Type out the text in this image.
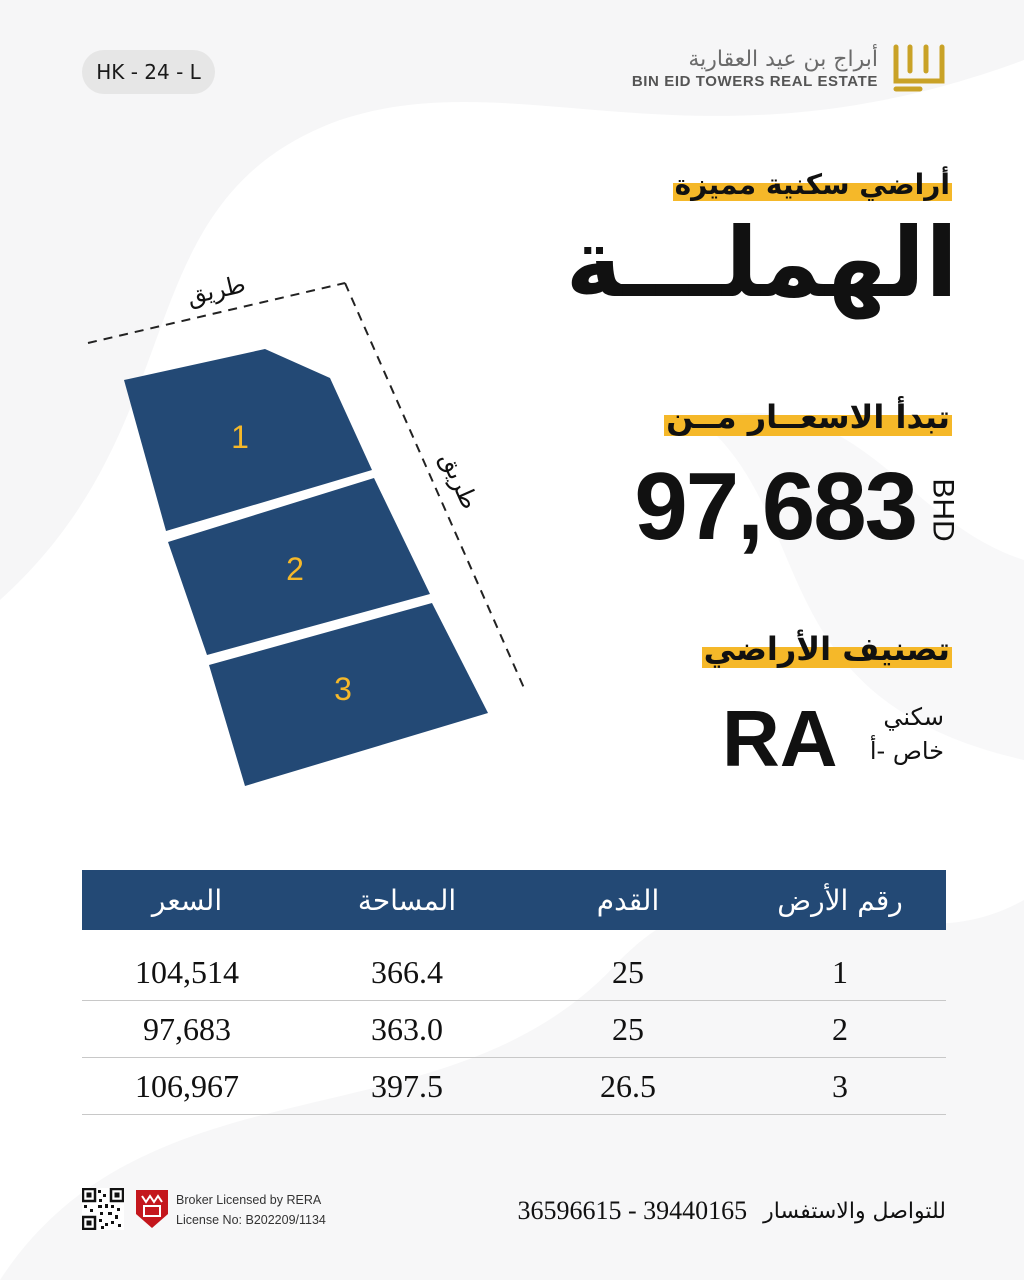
HK - 24 - L
أبراج بن عيد العقارية
BIN EID TOWERS REAL ESTATE
أراضي سكنية مميزة
الهملـــة
تبدأ الاسعــار مــن
97,683 BHD
تصنيف الأراضي
RA	سكني
خاص -أ
طريق
طريق
1
2
3
رقم الأرض
القدم
المساحة
السعر
1
25
366.4
104,514
2
25
363.0
97,683
3
26.5
397.5
106,967
Broker Licensed by RERA
License No: B202209/1134	36596615 - 39440165 للتواصل والاستفسار
